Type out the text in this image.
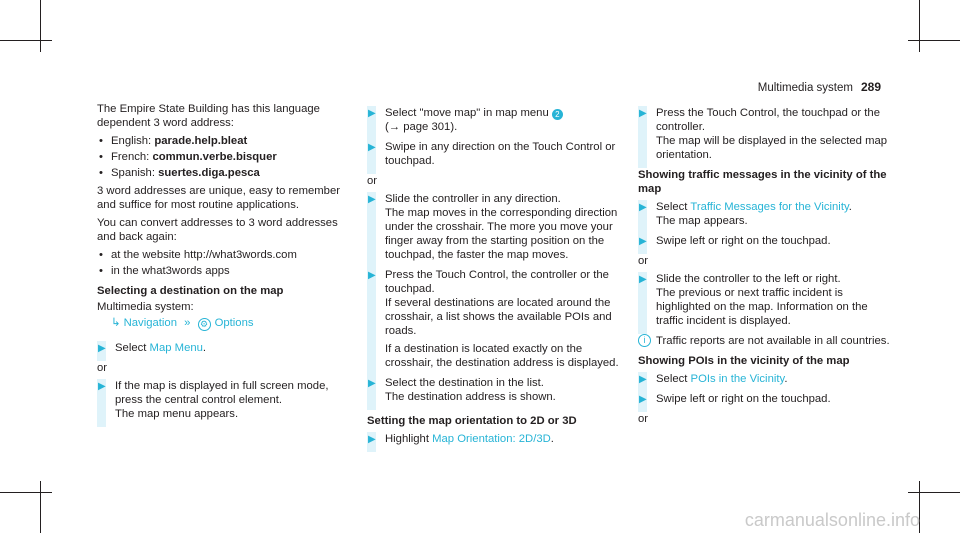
Multimedia system 289

The Empire State Building has this language dependent 3 word address:

• English: parade.help.bleat
• French: commun.verbe.bisquer
• Spanish: suertes.diga.pesca

3 word addresses are unique, easy to remember and suffice for most routine applications.

You can convert addresses to 3 word addresses and back again:

• at the website http://what3words.com
• in the what3words apps
Selecting a destination on the map
Multimedia system:
↳ Navigation » ⚙ Options
▶ Select Map Menu.
or
▶ If the map is displayed in full screen mode, press the central control element.
The map menu appears.
▶ Select "move map" in map menu 2
(→ page 301).
▶ Swipe in any direction on the Touch Control or touchpad.
or
▶ Slide the controller in any direction.
The map moves in the corresponding direction under the crosshair. The more you move your finger away from the starting position on the touchpad, the faster the map moves.
▶ Press the Touch Control, the controller or the touchpad.
If several destinations are located around the crosshair, a list shows the available POIs and roads.
If a destination is located exactly on the crosshair, the destination address is displayed.
▶ Select the destination in the list.
The destination address is shown.
Setting the map orientation to 2D or 3D
▶ Highlight Map Orientation: 2D/3D.
▶ Press the Touch Control, the touchpad or the controller.
The map will be displayed in the selected map orientation.
Showing traffic messages in the vicinity of the map
▶ Select Traffic Messages for the Vicinity.
The map appears.
▶ Swipe left or right on the touchpad.
or
▶ Slide the controller to the left or right.
The previous or next traffic incident is highlighted on the map. Information on the traffic incident is displayed.
i Traffic reports are not available in all countries.
Showing POIs in the vicinity of the map
▶ Select POIs in the Vicinity.
▶ Swipe left or right on the touchpad.
or
carmanualsonline.info
